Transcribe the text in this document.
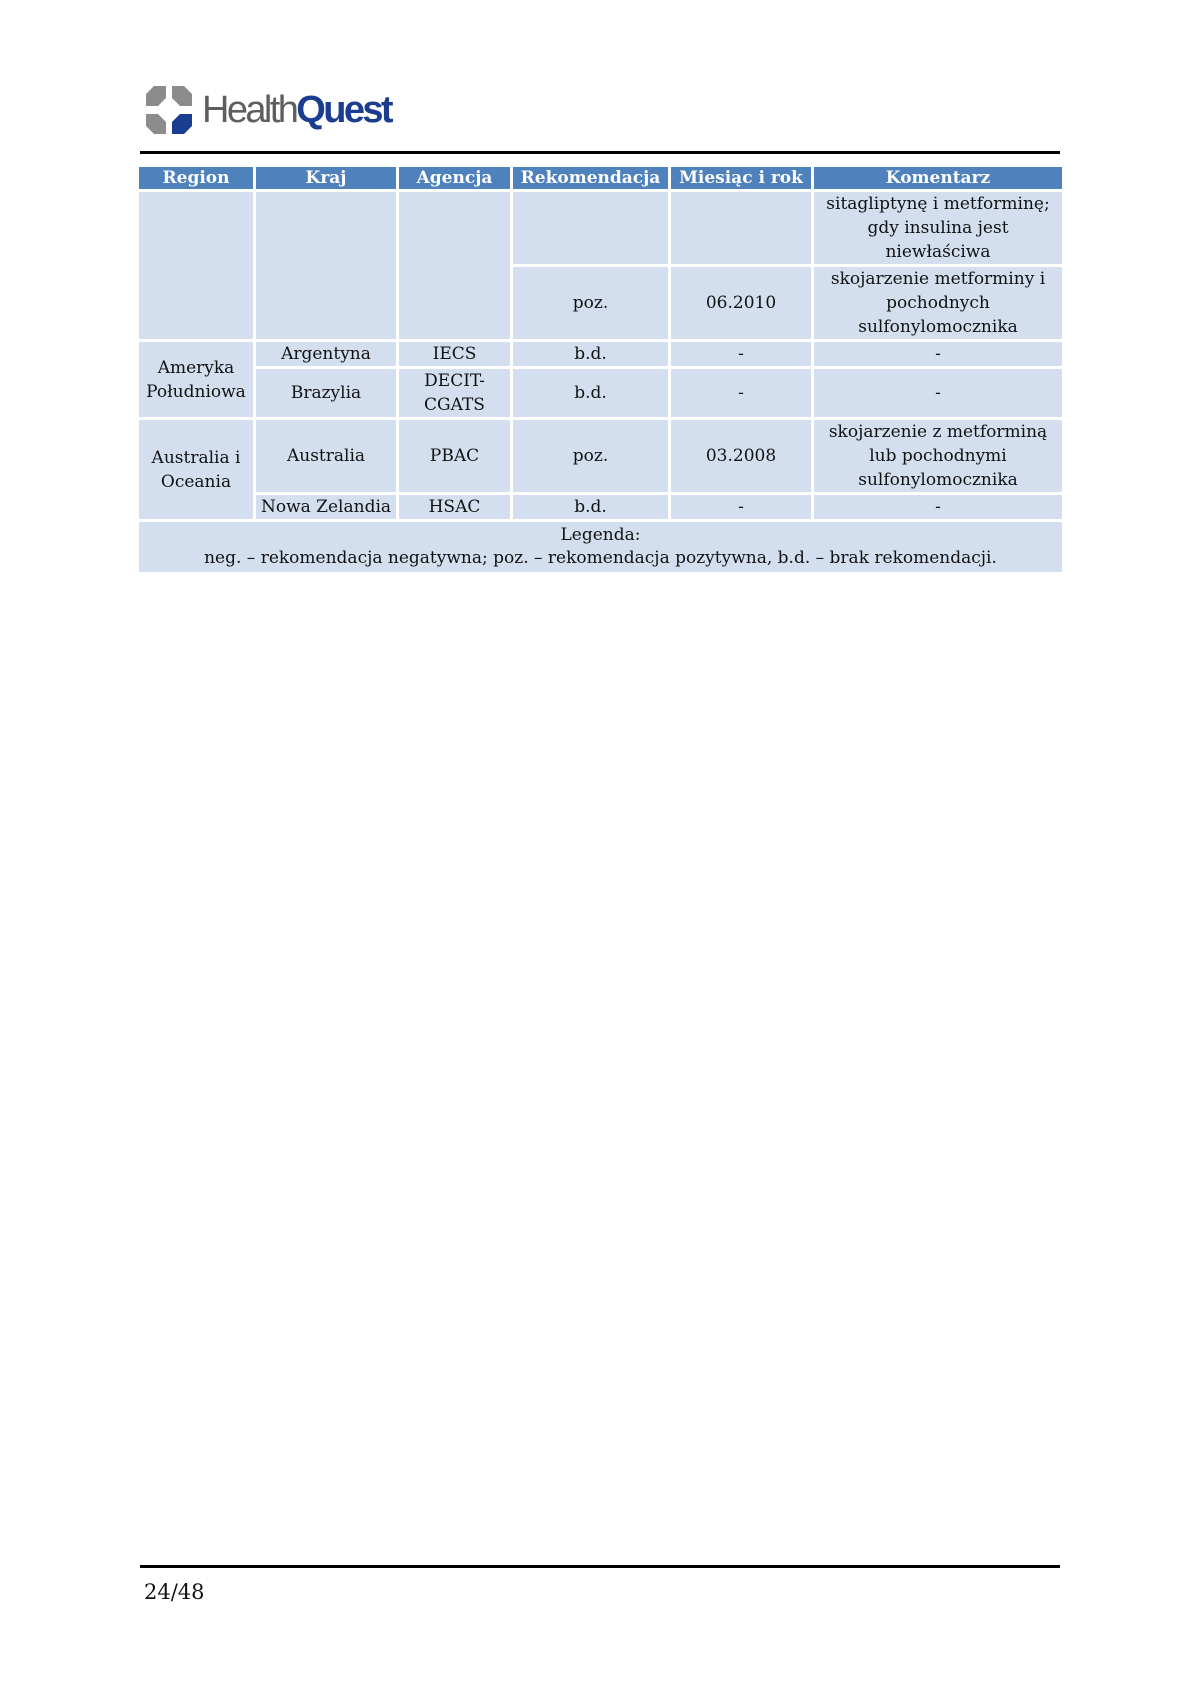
HealthQuest
Region	Kraj	Agencja	Rekomendacja	Miesiąc i rok	Komentarz
					sitagliptynę i metforminę; gdy insulina jest niewłaściwa
			poz.	06.2010	skojarzenie metforminy i pochodnych sulfonylomocznika
Ameryka Południowa	Argentyna	IECS	b.d.	-	-
	Brazylia	DECIT-CGATS	b.d.	-	-
Australia i Oceania	Australia	PBAC	poz.	03.2008	skojarzenie z metforminą lub pochodnymi sulfonylomocznika
	Nowa Zelandia	HSAC	b.d.	-	-

Legenda:
neg. – rekomendacja negatywna; poz. – rekomendacja pozytywna, b.d. – brak rekomendacji.					
24/48
